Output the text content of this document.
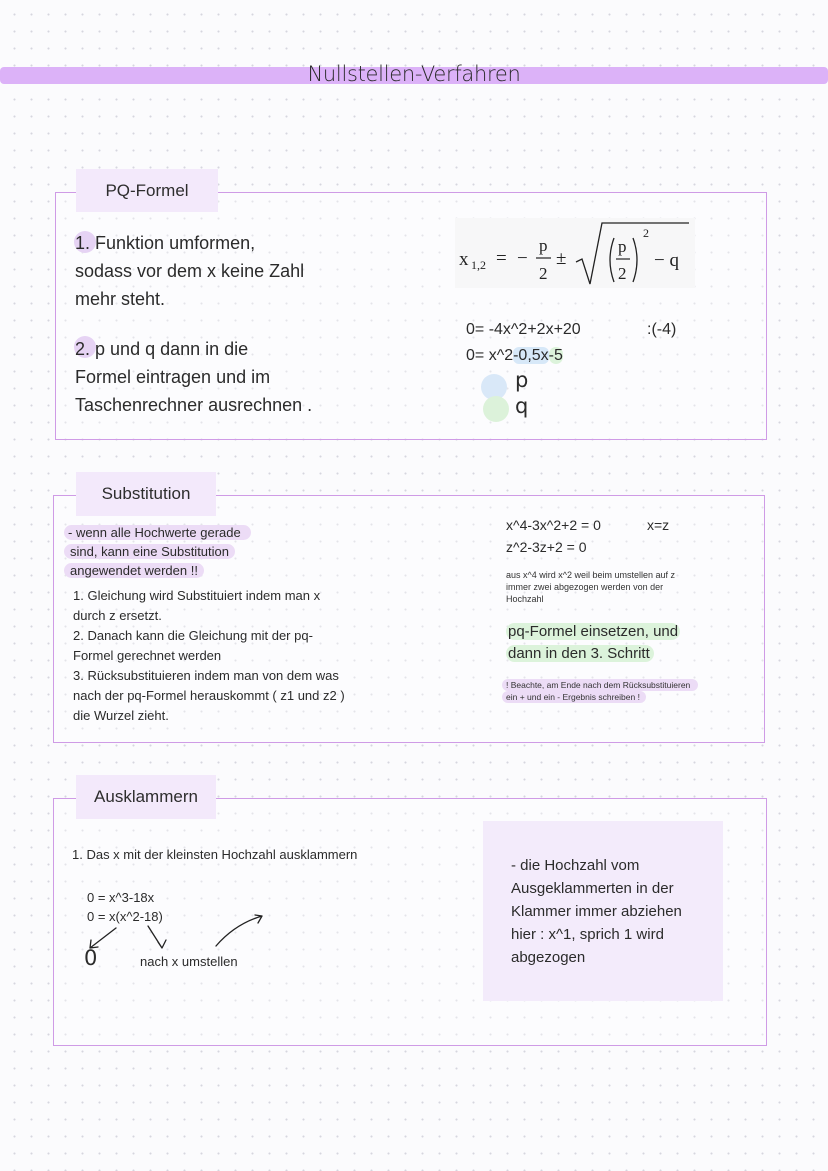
Nullstellen-Verfahren
PQ-Formel
1. Funktion umformen,
sodass vor dem x keine Zahl
mehr steht.
2. p und q dann in die
Formel eintragen und im
Taschenrechner ausrechnen .
x 1,2 = −
p
2
±
p
2
2
− q
0= -4x^2+2x+20
0= x^2-0,5x-5
:(-4)
p
q
Substitution
- wenn alle Hochwerte gerade
sind, kann eine Substitution
angewendet werden !!
1. Gleichung wird Substituiert indem man x
durch z ersetzt.
2. Danach kann die Gleichung mit der pq-
Formel gerechnet werden
3. Rücksubstituieren indem man von dem was
nach der pq-Formel herauskommt ( z1 und z2 )
die Wurzel zieht.
x^4-3x^2+2 = 0	x=z
z^2-3z+2 = 0
aus x^4 wird x^2 weil beim umstellen auf z
immer zwei abgezogen werden von der
Hochzahl
pq-Formel einsetzen, und
dann in den 3. Schritt
! Beachte, am Ende nach dem Rücksubstituieren
ein + und ein - Ergebnis schreiben !
Ausklammern
1. Das x mit der kleinsten Hochzahl ausklammern
0 = x^3-18x
0 = x(x^2-18)
0	nach x umstellen
- die Hochzahl vom
Ausgeklammerten in der
Klammer immer abziehen
hier : x^1, sprich 1 wird
abgezogen
